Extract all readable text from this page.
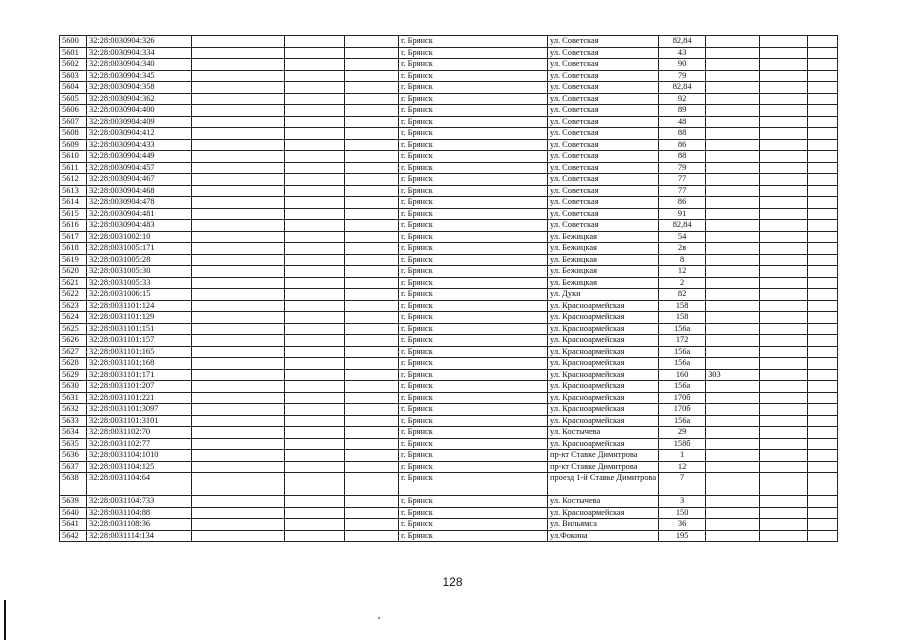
5600	32:28:0030904:326				г. Брянск	ул. Советская	82,84			
5601	32:28:0030904:334				г. Брянск	ул. Советская	43			
5602	32:28:0030904:340				г. Брянск	ул. Советская	90			
5603	32:28:0030904:345				г. Брянск	ул. Советская	79			
5604	32:28:0030904:358				г. Брянск	ул. Советская	82,84			
5605	32:28:0030904:362				г. Брянск	ул. Советская	92			
5606	32:28:0030904:400				г. Брянск	ул. Советская	89			
5607	32:28:0030904:409				г. Брянск	ул. Советская	48			
5608	32:28:0030904:412				г. Брянск	ул. Советская	88			
5609	32:28:0030904:433				г. Брянск	ул. Советская	86			
5610	32:28:0030904:449				г. Брянск	ул. Советская	88			
5611	32:28:0030904:457				г. Брянск	ул. Советская	79			
5612	32:28:0030904:467				г. Брянск	ул. Советская	77			
5613	32:28:0030904:468				г. Брянск	ул. Советская	77			
5614	32:28:0030904:478				г. Брянск	ул. Советская	86			
5615	32:28:0030904:481				г. Брянск	ул. Советская	91			
5616	32:28:0030904:483				г. Брянск	ул. Советская	82,84			
5617	32:28:0031002:10				г. Брянск	ул. Бежицкая	54			
5618	32:28:0031005:171				г. Брянск	ул. Бежицкая	2в			
5619	32:28:0031005:28				г. Брянск	ул. Бежицкая	8			
5620	32:28:0031005:30				г. Брянск	ул. Бежицкая	12			
5621	32:28:0031005:33				г. Брянск	ул. Бежицкая	2			
5622	32:28:0031006:15				г. Брянск	ул. Дуки	82			
5623	32:28:0031101:124				г. Брянск	ул. Красноармейская	158			
5624	32:28:0031101:129				г. Брянск	ул. Красноармейская	158			
5625	32:28:0031101:151				г. Брянск	ул. Красноармейская	156а			
5626	32:28:0031101:157				г. Брянск	ул. Красноармейская	172			
5627	32:28:0031101:165				г. Брянск	ул. Красноармейская	156а			
5628	32:28:0031101:168				г. Брянск	ул. Красноармейская	156а			
5629	32:28:0031101:171				г. Брянск	ул. Красноармейская	160	303		
5630	32:28:0031101:207				г. Брянск	ул. Красноармейская	156а			
5631	32:28:0031101:221				г. Брянск	ул. Красноармейская	170б			
5632	32:28:0031101:3097				г. Брянск	ул. Красноармейская	170б			
5633	32:28:0031101:3101				г. Брянск	ул. Красноармейская	156а			
5634	32:28:0031102:70				г. Брянск	ул. Костычева	29			
5635	32:28:0031102:77				г. Брянск	ул. Красноармейская	158б			
5636	32:28:0031104:1010				г. Брянск	пр-кт Ставке Димитрова	1			
5637	32:28:0031104:125				г. Брянск	пр-кт Ставке Димитрова	12			
5638	32:28:0031104:64				г. Брянск	проезд 1-й Ставке Димитрова	7			
5639	32:28:0031104:733				г. Брянск	ул. Костычева	3			
5640	32:28:0031104:88				г. Брянск	ул. Красноармейская	150			
5641	32:28:0031108:36				г. Брянск	ул. Вильямса	36			
5642	32:28:0031114:134				г. Брянск	ул.Фокина	195			
128
